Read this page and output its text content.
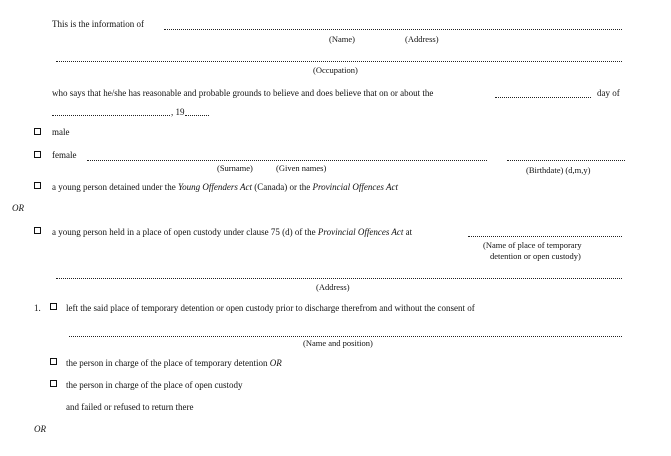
This is the information of
(Name)	(Address)
(Occupation)
who says that he/she has reasonable and probable grounds to believe and does believe that on or about the	day of
, 19
male
female
(Surname)	(Given names)	(Birthdate) (d,m,y)
a young person detained under the Young Offenders Act (Canada) or the Provincial Offences Act
OR
a young person held in a place of open custody under clause 75 (d) of the Provincial Offences Act at
(Name of place of temporary
detention or open custody)
(Address)
1.	left the said place of temporary detention or open custody prior to discharge therefrom and without the consent of
(Name and position)
the person in charge of the place of temporary detention OR
the person in charge of the place of open custody
and failed or refused to return there
OR
